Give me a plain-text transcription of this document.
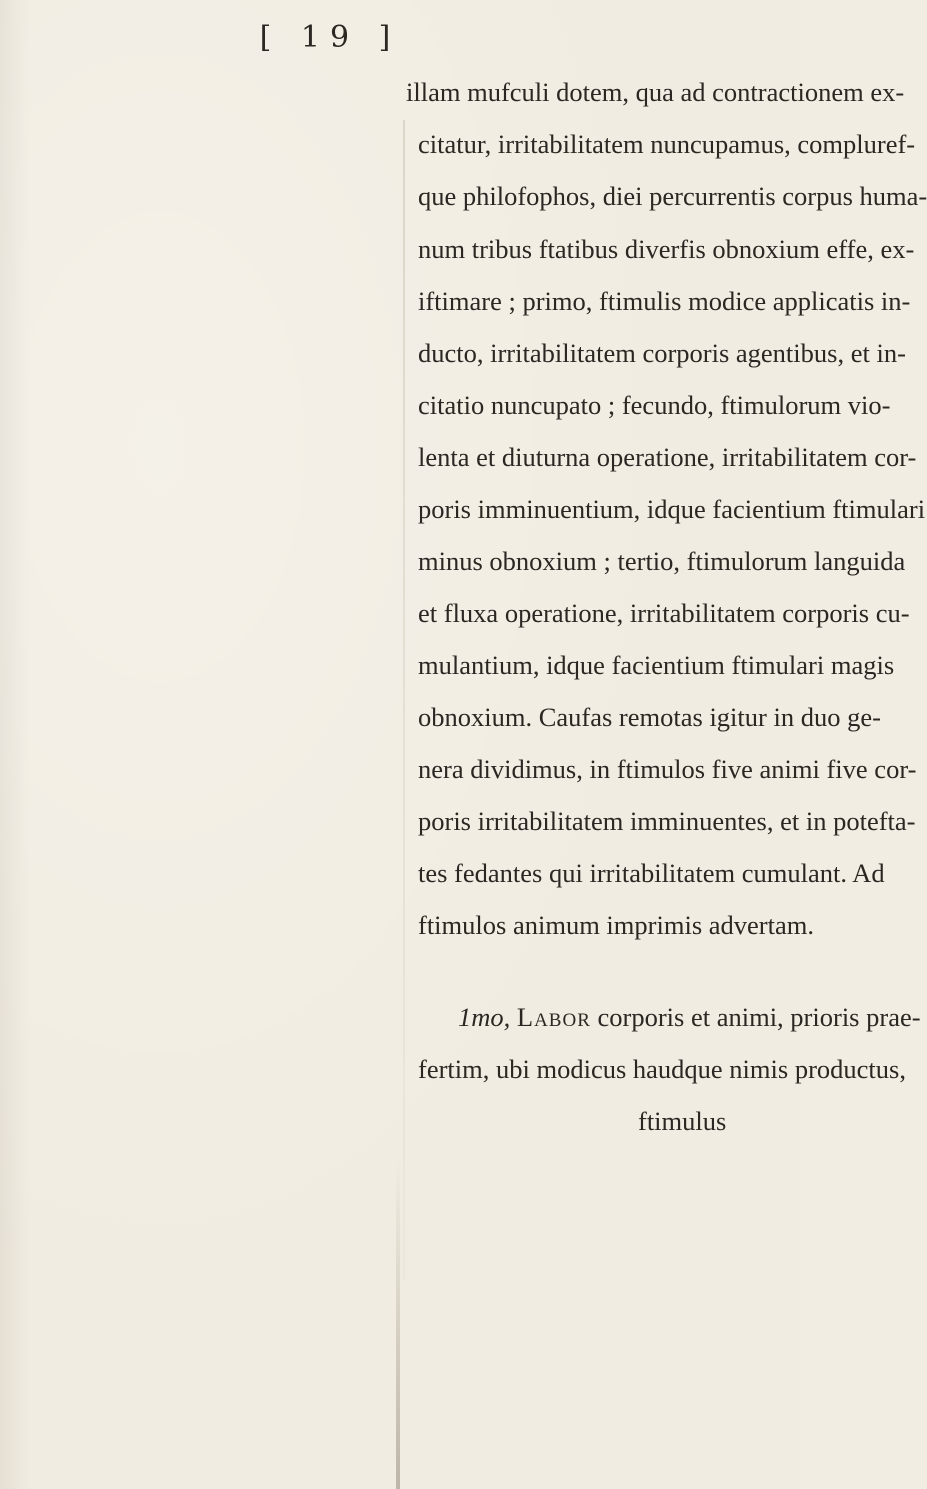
[ 19 ]
illam mufculi dotem, qua ad contractionem ex-
citatur, irritabilitatem nuncupamus, compluref-
que philofophos, diei percurrentis corpus huma-
num tribus ftatibus diverfis obnoxium effe, ex-
iftimare ; primo, ftimulis modice applicatis in-
ducto, irritabilitatem corporis agentibus, et in-
citatio nuncupato ; fecundo, ftimulorum vio-
lenta et diuturna operatione, irritabilitatem cor-
poris imminuentium, idque facientium ftimulari
minus obnoxium ; tertio, ftimulorum languida
et fluxa operatione, irritabilitatem corporis cu-
mulantium, idque facientium ftimulari magis
obnoxium. Caufas remotas igitur in duo ge-
nera dividimus, in ftimulos five animi five cor-
poris irritabilitatem imminuentes, et in potefta-
tes fedantes qui irritabilitatem cumulant. Ad
ftimulos animum imprimis advertam.
1mo, Labor corporis et animi, prioris prae-
fertim, ubi modicus haudque nimis productus,
ftimulus
